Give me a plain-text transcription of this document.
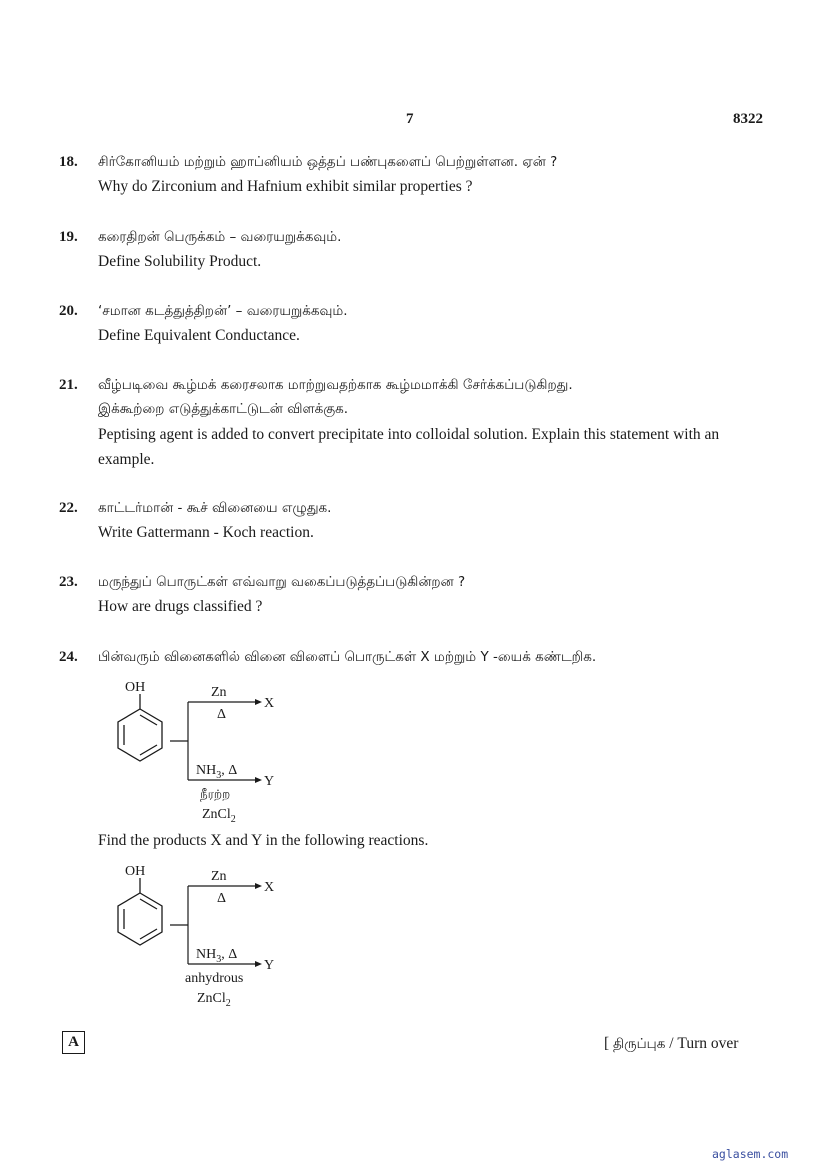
7	8322
18. சிர்கோனியம் மற்றும் ஹாப்னியம் ஒத்தப் பண்புகளைப் பெற்றுள்ளன. ஏன் ?
Why do Zirconium and Hafnium exhibit similar properties ?
19. கரைதிறன் பெருக்கம் – வரையறுக்கவும்.
Define Solubility Product.
20. ‘சமான கடத்துத்திறன்’ – வரையறுக்கவும்.
Define Equivalent Conductance.
21. வீழ்படிவை கூழ்மக் கரைசலாக மாற்றுவதற்காக கூழ்மமாக்கி சேர்க்கப்படுகிறது.
இக்கூற்றை எடுத்துக்காட்டுடன் விளக்குக.
Peptising agent is added to convert precipitate into colloidal solution. Explain this statement with an example.
22. காட்டர்மான் - கூச் வினையை எழுதுக.
Write Gattermann - Koch reaction.
23. மருந்துப் பொருட்கள் எவ்வாறு வகைப்படுத்தப்படுகின்றன ?
How are drugs classified ?
24. பின்வரும் வினைகளில் வினை விளைப் பொருட்கள் X மற்றும் Y -யைக் கண்டறிக.
Find the products X and Y in the following reactions.
OH	Zn
Δ
X
$NH_3$, Δ
Y
நீரற்ற
ZnCl$_2$
OH	Zn
Δ
X
$NH_3$, Δ
Y
anhydrous
ZnCl$_2$
A	[ திருப்புக / Turn over
aglasem.com
